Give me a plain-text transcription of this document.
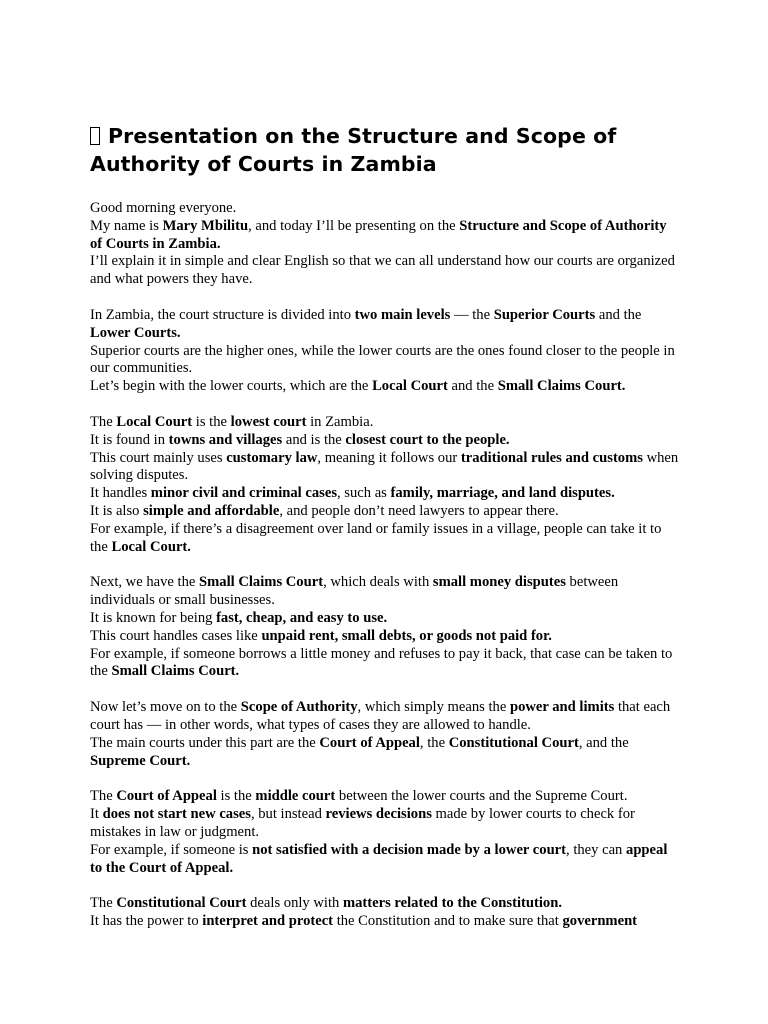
Presentation on the Structure and Scope of Authority of Courts in Zambia
Good morning everyone.
My name is Mary Mbilitu, and today I’ll be presenting on the Structure and Scope of Authority of Courts in Zambia.
I’ll explain it in simple and clear English so that we can all understand how our courts are organized and what powers they have.
In Zambia, the court structure is divided into two main levels — the Superior Courts and the Lower Courts.
Superior courts are the higher ones, while the lower courts are the ones found closer to the people in our communities.
Let’s begin with the lower courts, which are the Local Court and the Small Claims Court.
The Local Court is the lowest court in Zambia.
It is found in towns and villages and is the closest court to the people.
This court mainly uses customary law, meaning it follows our traditional rules and customs when solving disputes.
It handles minor civil and criminal cases, such as family, marriage, and land disputes.
It is also simple and affordable, and people don’t need lawyers to appear there.
For example, if there’s a disagreement over land or family issues in a village, people can take it to the Local Court.
Next, we have the Small Claims Court, which deals with small money disputes between individuals or small businesses.
It is known for being fast, cheap, and easy to use.
This court handles cases like unpaid rent, small debts, or goods not paid for.
For example, if someone borrows a little money and refuses to pay it back, that case can be taken to the Small Claims Court.
Now let’s move on to the Scope of Authority, which simply means the power and limits that each court has — in other words, what types of cases they are allowed to handle.
The main courts under this part are the Court of Appeal, the Constitutional Court, and the Supreme Court.
The Court of Appeal is the middle court between the lower courts and the Supreme Court.
It does not start new cases, but instead reviews decisions made by lower courts to check for mistakes in law or judgment.
For example, if someone is not satisfied with a decision made by a lower court, they can appeal to the Court of Appeal.
The Constitutional Court deals only with matters related to the Constitution.
It has the power to interpret and protect the Constitution and to make sure that government
